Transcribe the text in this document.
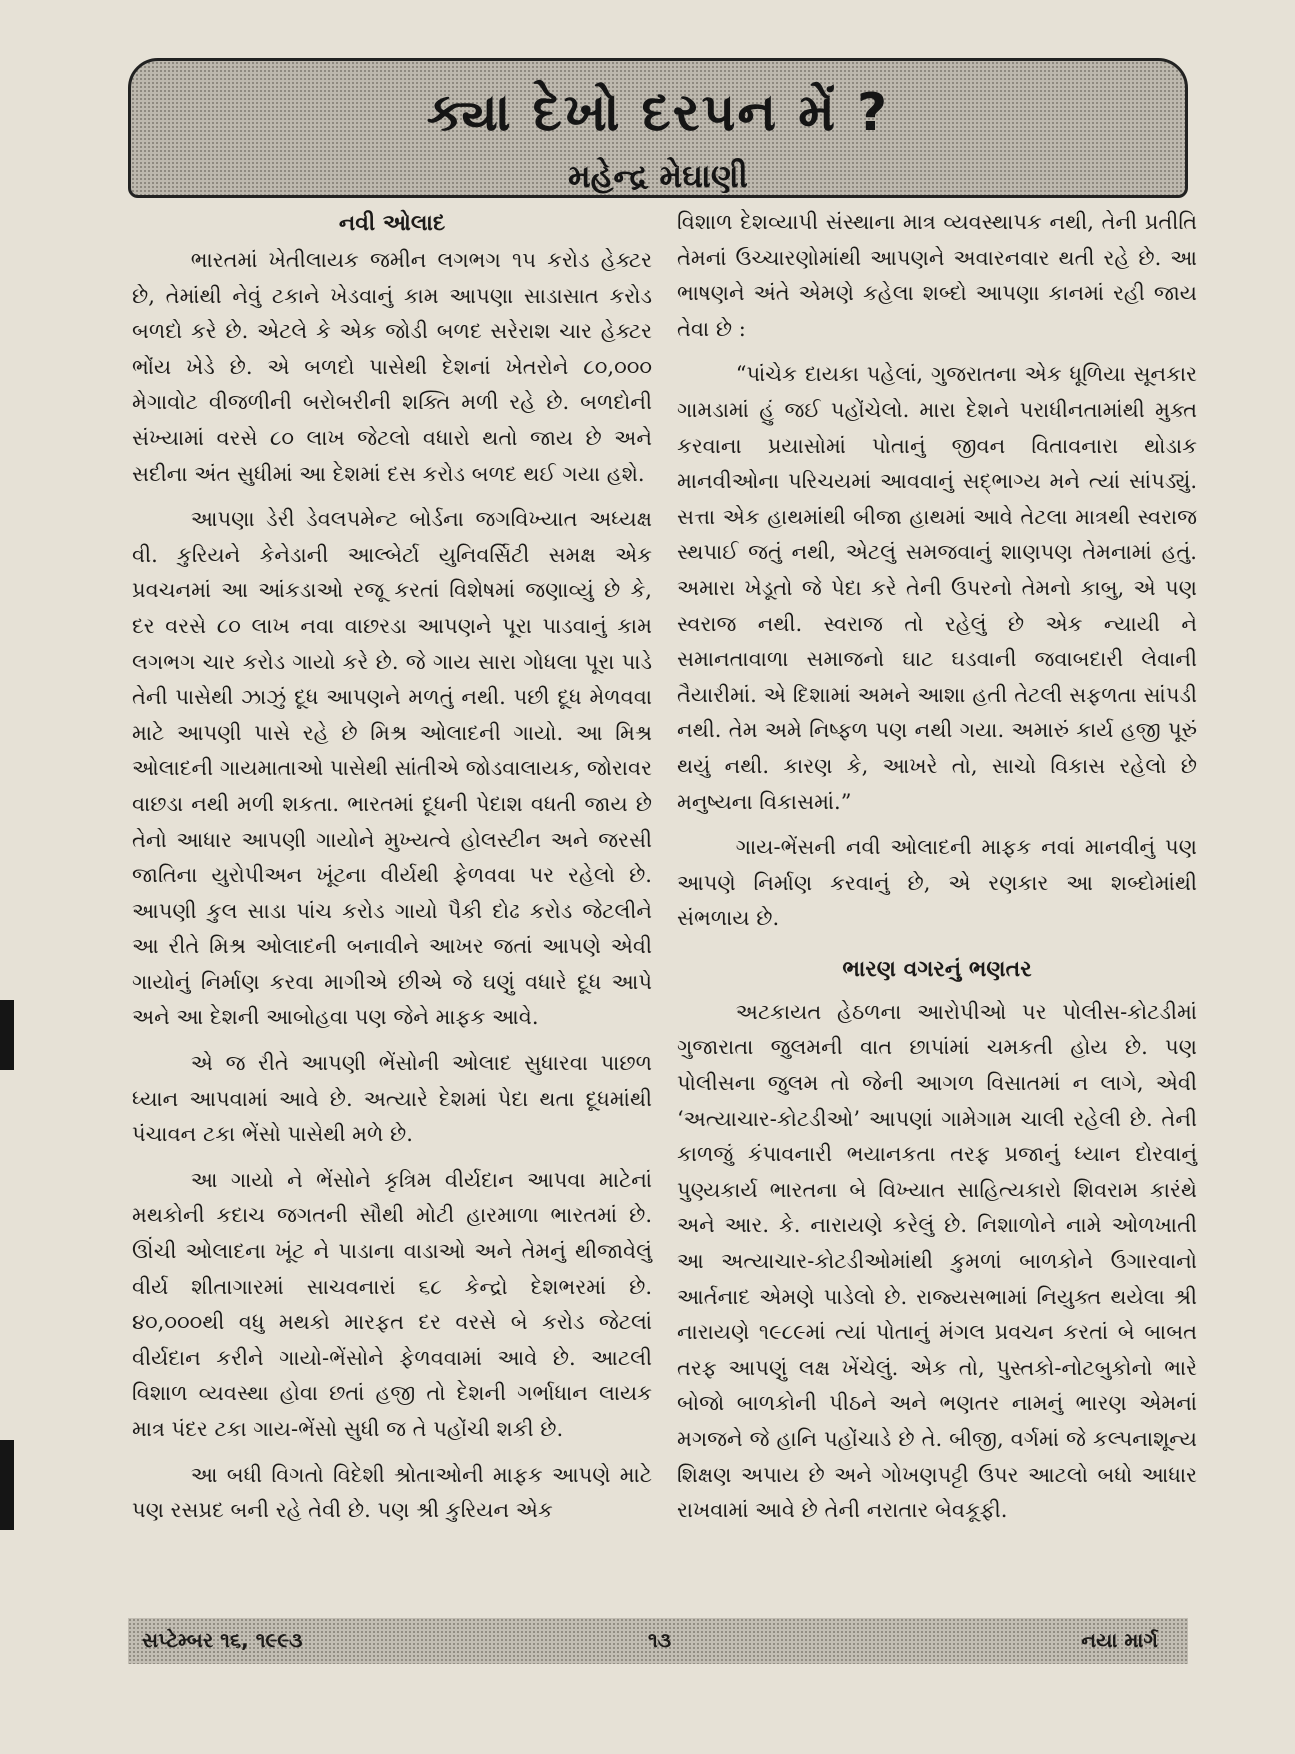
ક્યા દેખો દરપન મેં ?
મહેન્દ્ર મેઘાણી
નવી ઓલાદ

ભારતમાં ખેતીલાયક જમીન લગભગ ૧૫ કરોડ હેક્ટર છે, તેમાંથી નેવું ટકાને ખેડવાનું કામ આપણા સાડાસાત કરોડ બળદો કરે છે. એટલે કે એક જોડી બળદ સરેરાશ ચાર હેક્ટર ભોંય ખેડે છે. એ બળદો પાસેથી દેશનાં ખેતરોને ૮૦,૦૦૦ મેગાવોટ વીજળીની બરોબરીની શક્તિ મળી રહે છે. બળદોની સંખ્યામાં વરસે ૮૦ લાખ જેટલો વધારો થતો જાય છે અને સદીના અંત સુધીમાં આ દેશમાં દસ કરોડ બળદ થઈ ગયા હશે.

આપણા ડેરી ડેવલપમેન્ટ બોર્ડના જગવિખ્યાત અધ્યક્ષ વી. કુરિયને કેનેડાની આલ્બેર્ટા યુનિવર્સિટી સમક્ષ એક પ્રવચનમાં આ આંકડાઓ રજૂ કરતાં વિશેષમાં જણાવ્યું છે કે, દર વરસે ૮૦ લાખ નવા વાછરડા આપણને પૂરા પાડવાનું કામ લગભગ ચાર કરોડ ગાયો કરે છે. જે ગાય સારા ગોધલા પૂરા પાડે તેની પાસેથી ઝાઝું દૂધ આપણને મળતું નથી. પછી દૂધ મેળવવા માટે આપણી પાસે રહે છે મિશ્ર ઓલાદની ગાયો. આ મિશ્ર ઓલાદની ગાયમાતાઓ પાસેથી સાંતીએ જોડવાલાયક, જોરાવર વાછડા નથી મળી શકતા. ભારતમાં દૂધની પેદાશ વધતી જાય છે તેનો આધાર આપણી ગાયોને મુખ્યત્વે હોલસ્ટીન અને જરસી જાતિના યુરોપીઅન ખૂંટના વીર્યથી ફેળવવા પર રહેલો છે. આપણી કુલ સાડા પાંચ કરોડ ગાયો પૈકી દોઢ કરોડ જેટલીને આ રીતે મિશ્ર ઓલાદની બનાવીને આખર જતાં આપણે એવી ગાયોનું નિર્માણ કરવા માગીએ છીએ જે ઘણું વધારે દૂધ આપે અને આ દેશની આબોહવા પણ જેને માફક આવે.

એ જ રીતે આપણી ભેંસોની ઓલાદ સુધારવા પાછળ ધ્યાન આપવામાં આવે છે. અત્યારે દેશમાં પેદા થતા દૂધમાંથી પંચાવન ટકા ભેંસો પાસેથી મળે છે.

આ ગાયો ને ભેંસોને કૃત્રિમ વીર્યદાન આપવા માટેનાં મથકોની કદાચ જગતની સૌથી મોટી હારમાળા ભારતમાં છે. ઊંચી ઓલાદના ખૂંટ ને પાડાના વાડાઓ અને તેમનું થીજાવેલું વીર્ય શીતાગારમાં સાચવનારાં ૬૮ કેન્દ્રો દેશભરમાં છે. ૪૦,૦૦૦થી વધુ મથકો મારફત દર વરસે બે કરોડ જેટલાં વીર્યદાન કરીને ગાયો-ભેંસોને ફેળવવામાં આવે છે. આટલી વિશાળ વ્યવસ્થા હોવા છતાં હજી તો દેશની ગર્ભાધાન લાયક માત્ર પંદર ટકા ગાય-ભેંસો સુધી જ તે પહોંચી શકી છે.

આ બધી વિગતો વિદેશી શ્રોતાઓની માફક આપણે માટે પણ રસપ્રદ બની રહે તેવી છે. પણ શ્રી કુરિયન એક

વિશાળ દેશવ્યાપી સંસ્થાના માત્ર વ્યવસ્થાપક નથી, તેની પ્રતીતિ તેમનાં ઉચ્ચારણોમાંથી આપણને અવારનવાર થતી રહે છે. આ ભાષણને અંતે એમણે કહેલા શબ્દો આપણા કાનમાં રહી જાય તેવા છે :

“પાંચેક દાયકા પહેલાં, ગુજરાતના એક ધૂળિયા સૂનકાર ગામડામાં હું જઈ પહોંચેલો. મારા દેશને પરાધીનતામાંથી મુક્ત કરવાના પ્રયાસોમાં પોતાનું જીવન વિતાવનારા થોડાક માનવીઓના પરિચયમાં આવવાનું સદ્ભાગ્ય મને ત્યાં સાંપડ્યું. સત્તા એક હાથમાંથી બીજા હાથમાં આવે તેટલા માત્રથી સ્વરાજ સ્થપાઈ જતું નથી, એટલું સમજવાનું શાણપણ તેમનામાં હતું. અમારા ખેડૂતો જે પેદા કરે તેની ઉપરનો તેમનો કાબુ, એ પણ સ્વરાજ નથી. સ્વરાજ તો રહેલું છે એક ન્યાયી ને સમાનતાવાળા સમાજનો ઘાટ ઘડવાની જવાબદારી લેવાની તૈયારીમાં. એ દિશામાં અમને આશા હતી તેટલી સફળતા સાંપડી નથી. તેમ અમે નિષ્ફળ પણ નથી ગયા. અમારું કાર્ય હજી પૂરું થયું નથી. કારણ કે, આખરે તો, સાચો વિકાસ રહેલો છે મનુષ્યના વિકાસમાં.”

ગાય-ભેંસની નવી ઓલાદની માફક નવાં માનવીનું પણ આપણે નિર્માણ કરવાનું છે, એ રણકાર આ શબ્દોમાંથી સંભળાય છે.

ભારણ વગરનું ભણતર

અટકાયત હેઠળના આરોપીઓ પર પોલીસ-કોટડીમાં ગુજારાતા જુલમની વાત છાપાંમાં ચમકતી હોય છે. પણ પોલીસના જુલમ તો જેની આગળ વિસાતમાં ન લાગે, એવી ‘અત્યાચાર-કોટડીઓ’ આપણાં ગામેગામ ચાલી રહેલી છે. તેની કાળજું કંપાવનારી ભયાનકતા તરફ પ્રજાનું ધ્યાન દોરવાનું પુણ્યકાર્ય ભારતના બે વિખ્યાત સાહિત્યકારો શિવરામ કારંથે અને આર. કે. નારાયણે કરેલું છે. નિશાળોને નામે ઓળખાતી આ અત્યાચાર-કોટડીઓમાંથી કુમળાં બાળકોને ઉગારવાનો આર્તનાદ એમણે પાડેલો છે. રાજ્યસભામાં નિયુક્ત થયેલા શ્રી નારાયણે ૧૯૮૯માં ત્યાં પોતાનું મંગલ પ્રવચન કરતાં બે બાબત તરફ આપણું લક્ષ ખેંચેલું. એક તો, પુસ્તકો-નોટબુકોનો ભારે બોજો બાળકોની પીઠને અને ભણતર નામનું ભારણ એમનાં મગજને જે હાનિ પહોંચાડે છે તે. બીજી, વર્ગમાં જે કલ્પનાશૂન્ય શિક્ષણ અપાય છે અને ગોખણપટ્ટી ઉપર આટલો બધો આધાર રાખવામાં આવે છે તેની નરાતાર બેવકૂફી.

સપ્ટેમ્બર ૧૬, ૧૯૯૩	૧૩	નયા માર્ગ
